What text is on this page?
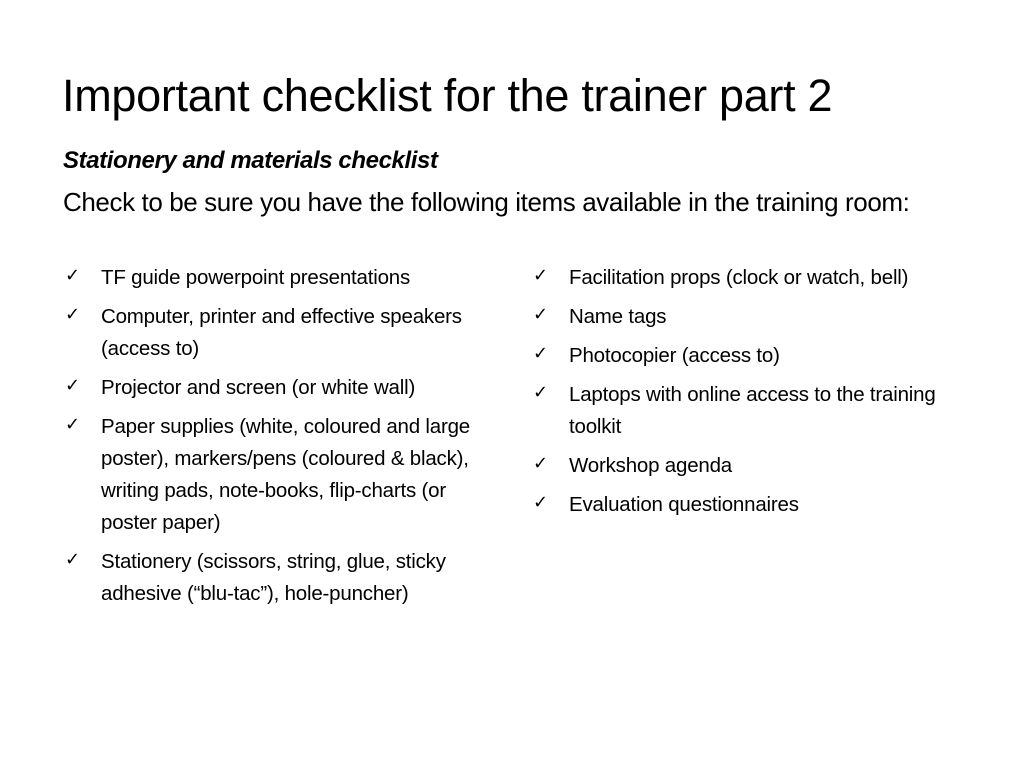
Important checklist for the trainer part 2
Stationery and materials checklist
Check to be sure you have the following items available in the training room:
✓ TF guide powerpoint presentations
✓ Computer, printer and effective speakers (access to)
✓ Projector and screen (or white wall)
✓ Paper supplies (white, coloured and large poster), markers/pens (coloured & black), writing pads, note-books, flip-charts (or poster paper)
✓ Stationery (scissors, string, glue, sticky adhesive (“blu-tac”), hole-puncher)
✓ Facilitation props (clock or watch, bell)
✓ Name tags
✓ Photocopier (access to)
✓ Laptops with online access to the training toolkit
✓ Workshop agenda
✓ Evaluation questionnaires
